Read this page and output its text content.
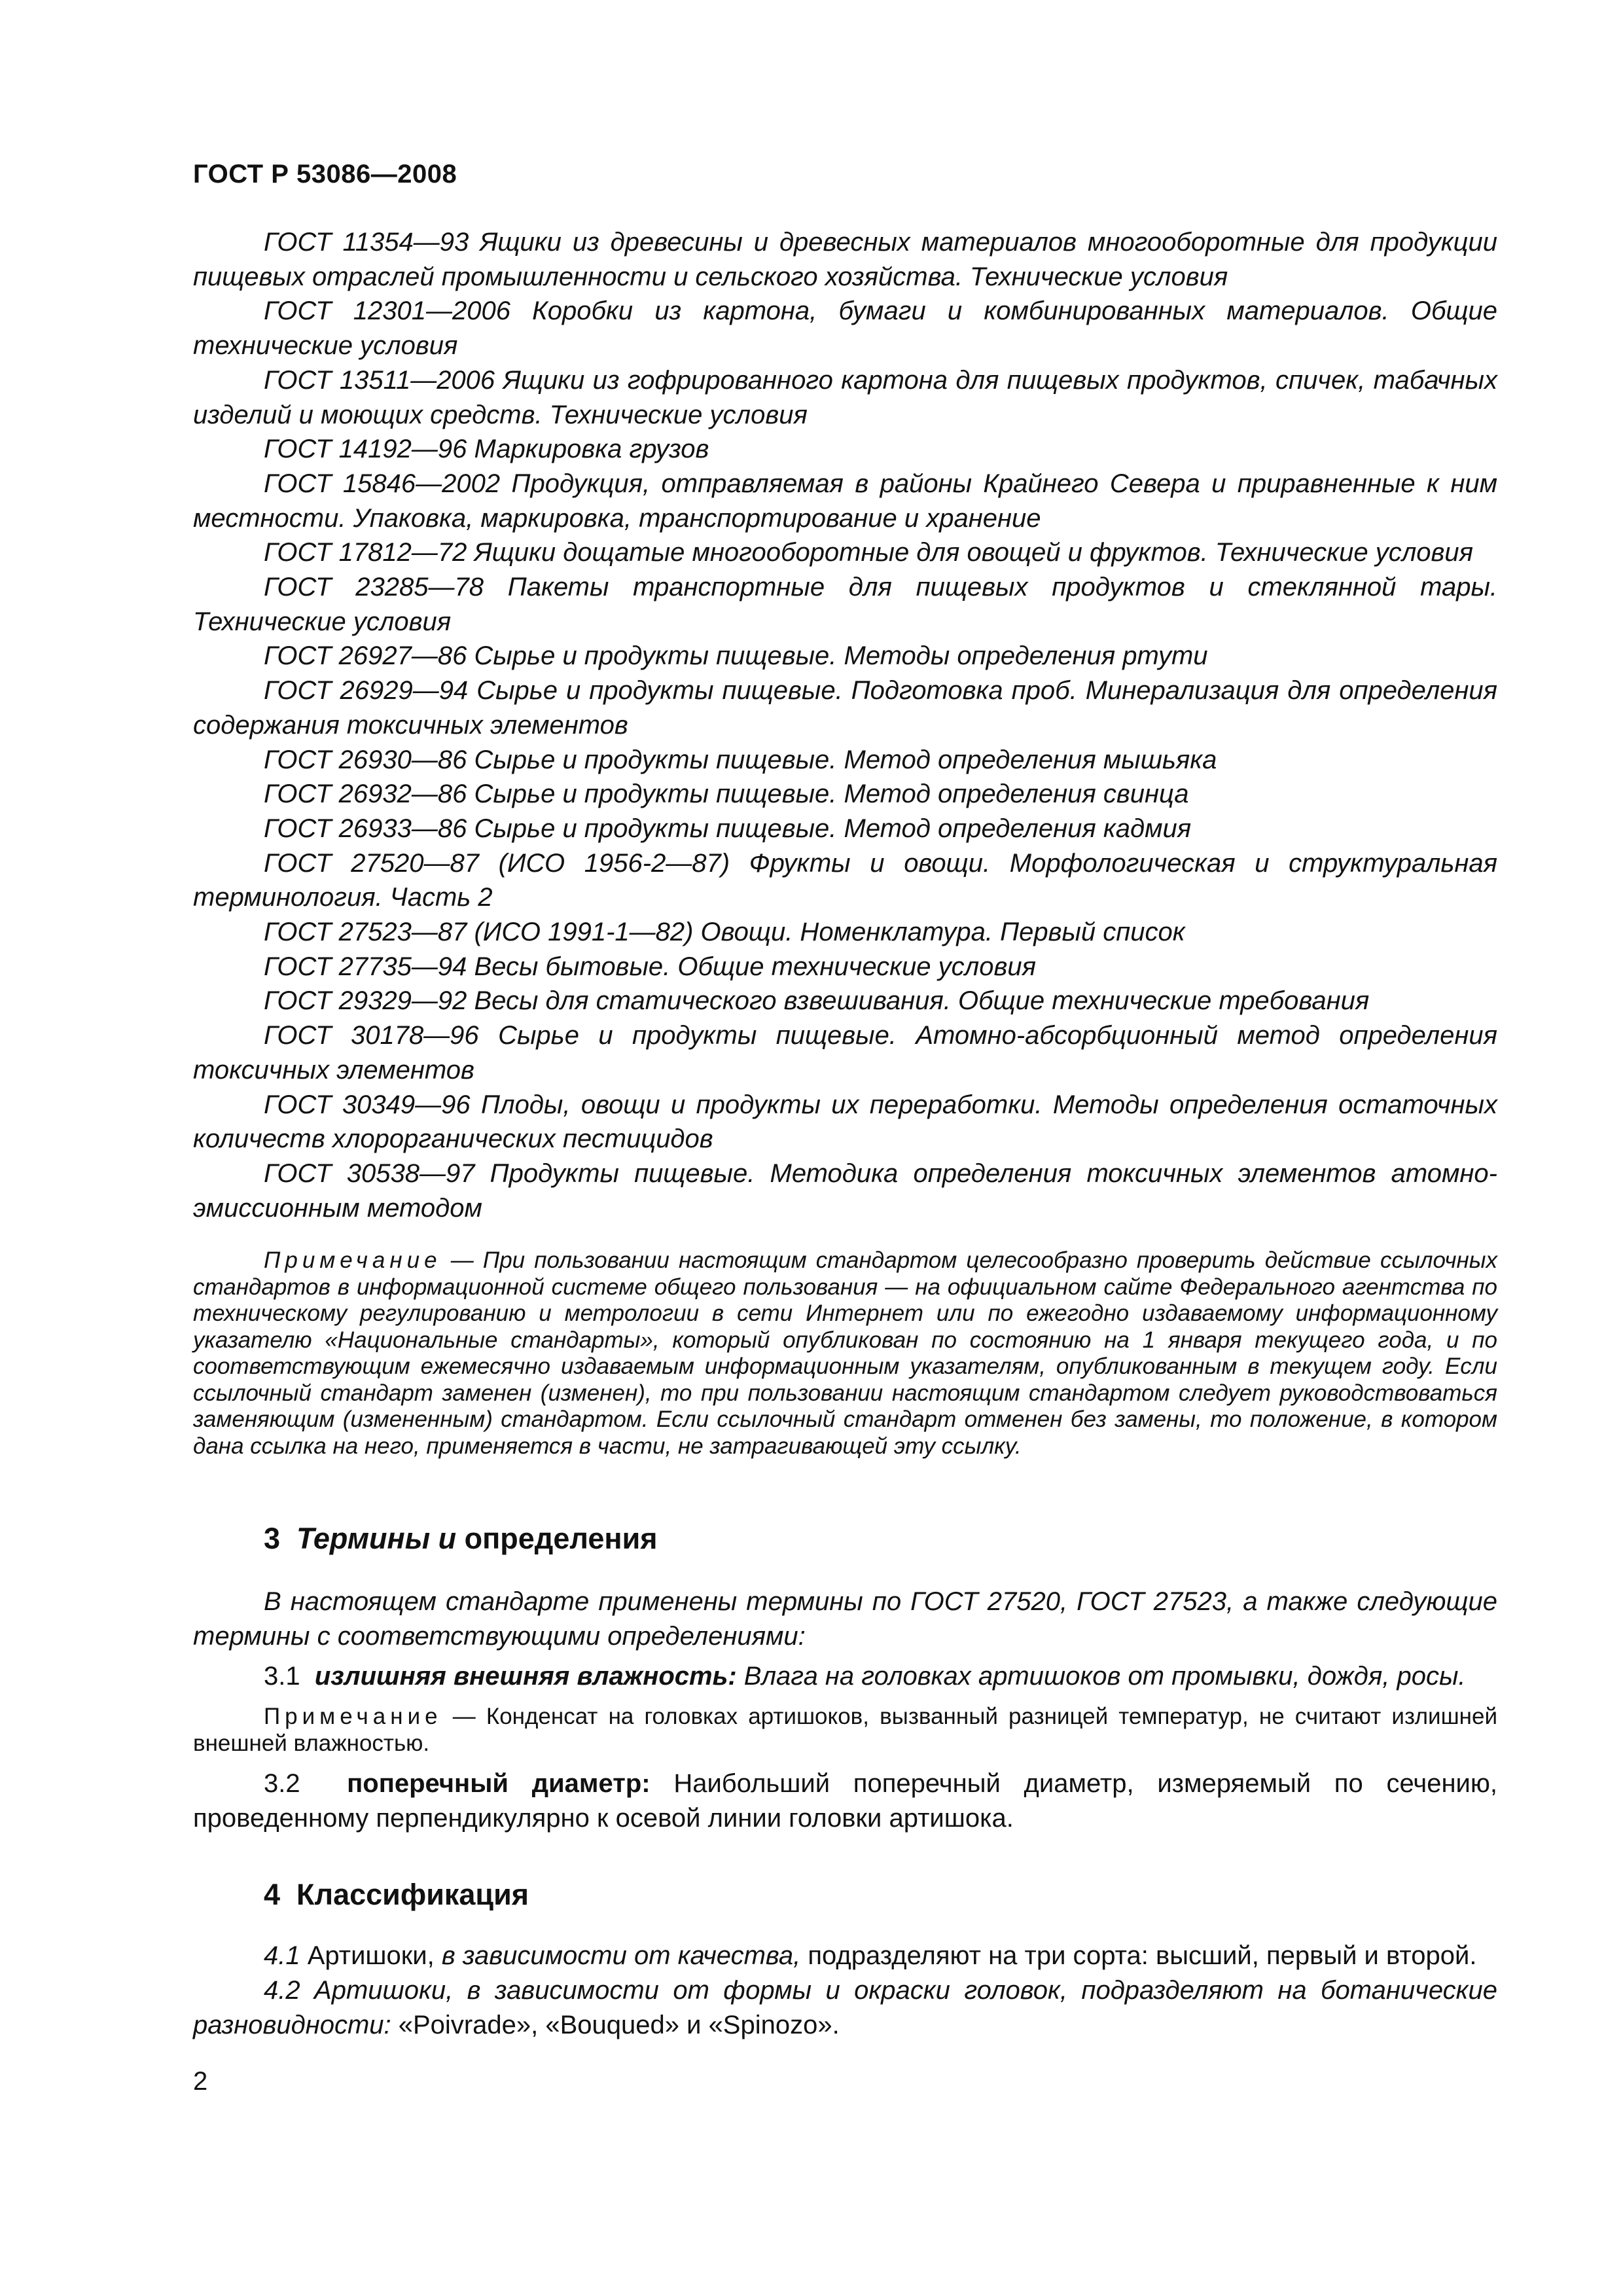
ГОСТ Р 53086—2008

ГОСТ 11354—93 Ящики из древесины и древесных материалов многооборотные для продукции пищевых отраслей промышленности и сельского хозяйства. Технические условия

ГОСТ 12301—2006 Коробки из картона, бумаги и комбинированных материалов. Общие технические условия

ГОСТ 13511—2006 Ящики из гофрированного картона для пищевых продуктов, спичек, табачных изделий и моющих средств. Технические условия

ГОСТ 14192—96 Маркировка грузов

ГОСТ 15846—2002 Продукция, отправляемая в районы Крайнего Севера и приравненные к ним местности. Упаковка, маркировка, транспортирование и хранение

ГОСТ 17812—72 Ящики дощатые многооборотные для овощей и фруктов. Технические условия

ГОСТ 23285—78 Пакеты транспортные для пищевых продуктов и стеклянной тары. Технические условия

ГОСТ 26927—86 Сырье и продукты пищевые. Методы определения ртути

ГОСТ 26929—94 Сырье и продукты пищевые. Подготовка проб. Минерализация для определения содержания токсичных элементов

ГОСТ 26930—86 Сырье и продукты пищевые. Метод определения мышьяка

ГОСТ 26932—86 Сырье и продукты пищевые. Метод определения свинца

ГОСТ 26933—86 Сырье и продукты пищевые. Метод определения кадмия

ГОСТ 27520—87 (ИСО 1956-2—87) Фрукты и овощи. Морфологическая и структуральная терминология. Часть 2

ГОСТ 27523—87 (ИСО 1991-1—82) Овощи. Номенклатура. Первый список

ГОСТ 27735—94 Весы бытовые. Общие технические условия

ГОСТ 29329—92 Весы для статического взвешивания. Общие технические требования

ГОСТ 30178—96 Сырье и продукты пищевые. Атомно-абсорбционный метод определения токсичных элементов

ГОСТ 30349—96 Плоды, овощи и продукты их переработки. Методы определения остаточных количеств хлорорганических пестицидов

ГОСТ 30538—97 Продукты пищевые. Методика определения токсичных элементов атомно-эмиссионным методом

Примечание — При пользовании настоящим стандартом целесообразно проверить действие ссылочных стандартов в информационной системе общего пользования — на официальном сайте Федерального агентства по техническому регулированию и метрологии в сети Интернет или по ежегодно издаваемому информационному указателю «Национальные стандарты», который опубликован по состоянию на 1 января текущего года, и по соответствующим ежемесячно издаваемым информационным указателям, опубликованным в текущем году. Если ссылочный стандарт заменен (изменен), то при пользовании настоящим стандартом следует руководствоваться заменяющим (измененным) стандартом. Если ссылочный стандарт отменен без замены, то положение, в котором дана ссылка на него, применяется в части, не затрагивающей эту ссылку.

3 Термины и определения

В настоящем стандарте применены термины по ГОСТ 27520, ГОСТ 27523, а также следующие термины с соответствующими определениями:

3.1 излишняя внешняя влажность: Влага на головках артишоков от промывки, дождя, росы.

Примечание — Конденсат на головках артишоков, вызванный разницей температур, не считают излишней внешней влажностью.

3.2 поперечный диаметр: Наибольший поперечный диаметр, измеряемый по сечению, проведенному перпендикулярно к осевой линии головки артишока.

4 Классификация

4.1 Артишоки, в зависимости от качества, подразделяют на три сорта: высший, первый и второй.

4.2 Артишоки, в зависимости от формы и окраски головок, подразделяют на ботанические разновидности: «Poivrade», «Bouqued» и «Spinozo».

2
